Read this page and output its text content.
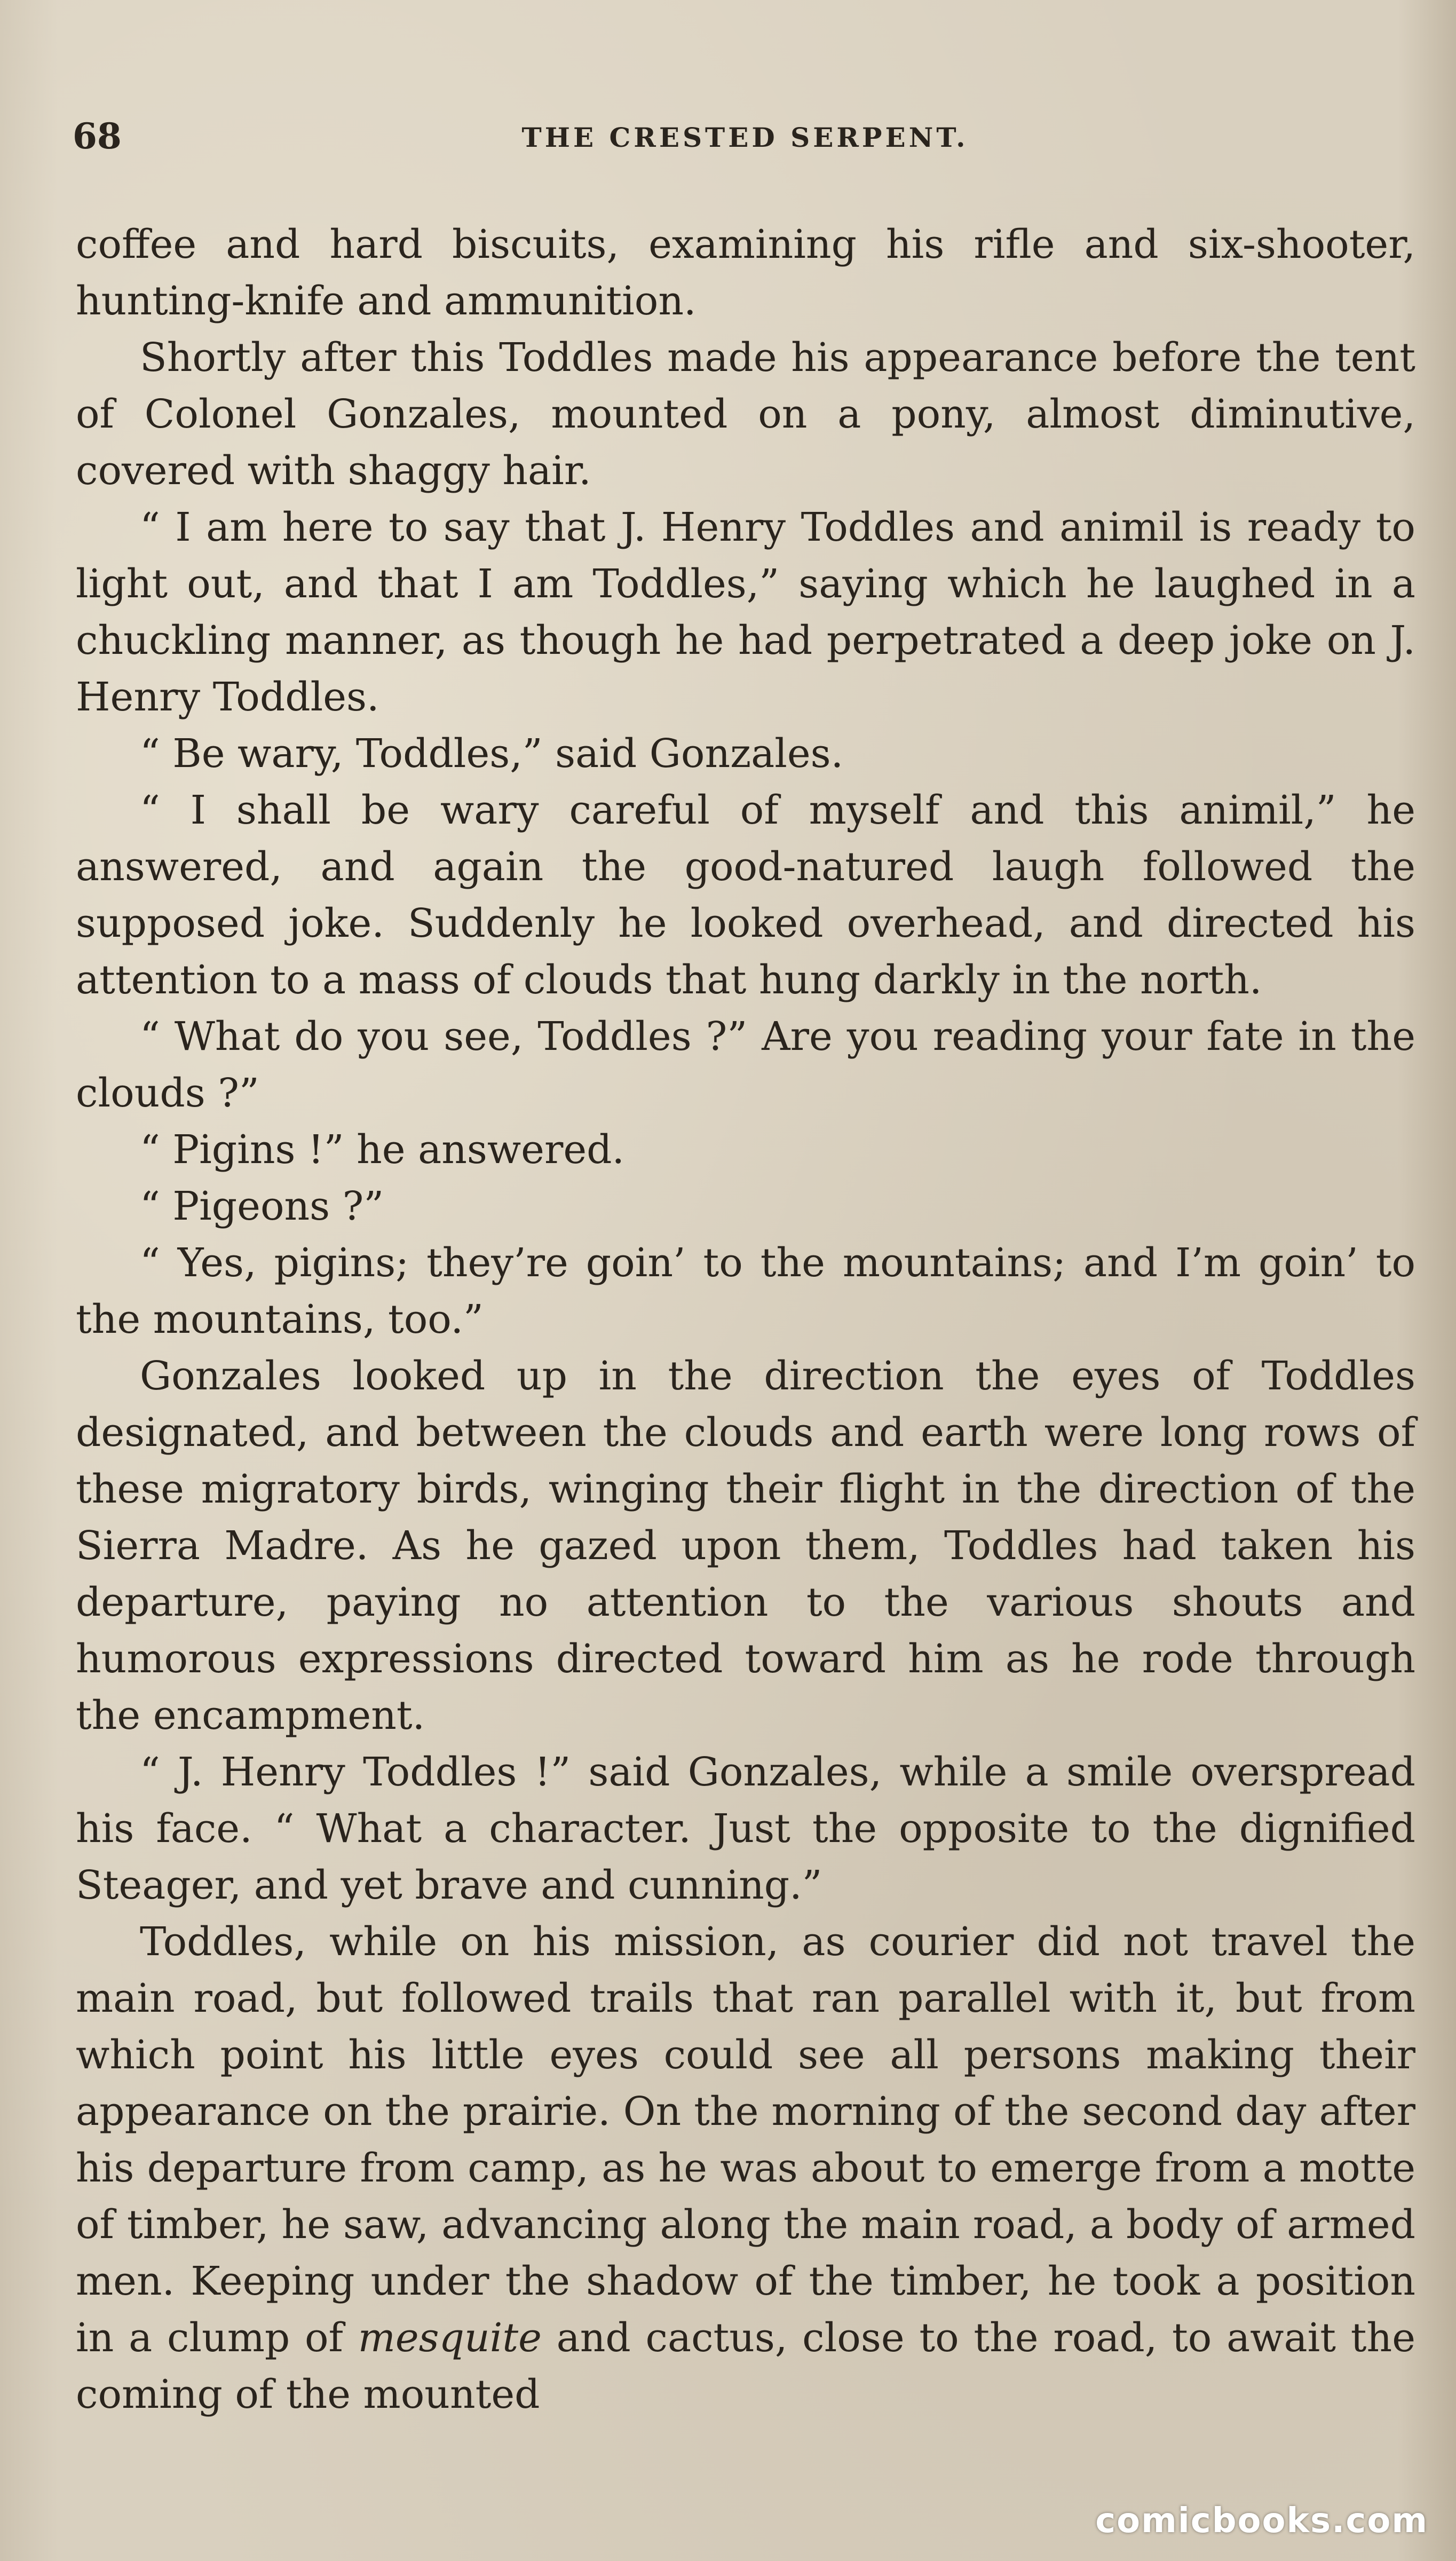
68	THE CRESTED SERPENT.

coffee and hard biscuits, examining his rifle and six-shooter, hunting-knife and ammunition.

Shortly after this Toddles made his appearance before the tent of Colonel Gonzales, mounted on a pony, almost diminutive, covered with shaggy hair.

“ I am here to say that J. Henry Toddles and animil is ready to light out, and that I am Toddles,” saying which he laughed in a chuckling manner, as though he had perpetrated a deep joke on J. Henry Toddles.

“ Be wary, Toddles,” said Gonzales.

“ I shall be wary careful of myself and this animil,” he answered, and again the good-natured laugh followed the supposed joke. Suddenly he looked overhead, and directed his attention to a mass of clouds that hung darkly in the north.

“ What do you see, Toddles ?” Are you reading your fate in the clouds ?”

“ Pigins !” he answered.

“ Pigeons ?”

“ Yes, pigins; they’re goin’ to the mountains; and I’m goin’ to the mountains, too.”

Gonzales looked up in the direction the eyes of Toddles designated, and between the clouds and earth were long rows of these migratory birds, winging their flight in the direction of the Sierra Madre. As he gazed upon them, Toddles had taken his departure, paying no attention to the various shouts and humorous expressions directed toward him as he rode through the encampment.

“ J. Henry Toddles !” said Gonzales, while a smile overspread his face. “ What a character. Just the opposite to the dignified Steager, and yet brave and cunning.”

Toddles, while on his mission, as courier did not travel the main road, but followed trails that ran parallel with it, but from which point his little eyes could see all persons making their appearance on the prairie. On the morning of the second day after his departure from camp, as he was about to emerge from a motte of timber, he saw, advancing along the main road, a body of armed men. Keeping under the shadow of the timber, he took a position in a clump of mesquite and cactus, close to the road, to await the coming of the mounted

comicbooks.com
